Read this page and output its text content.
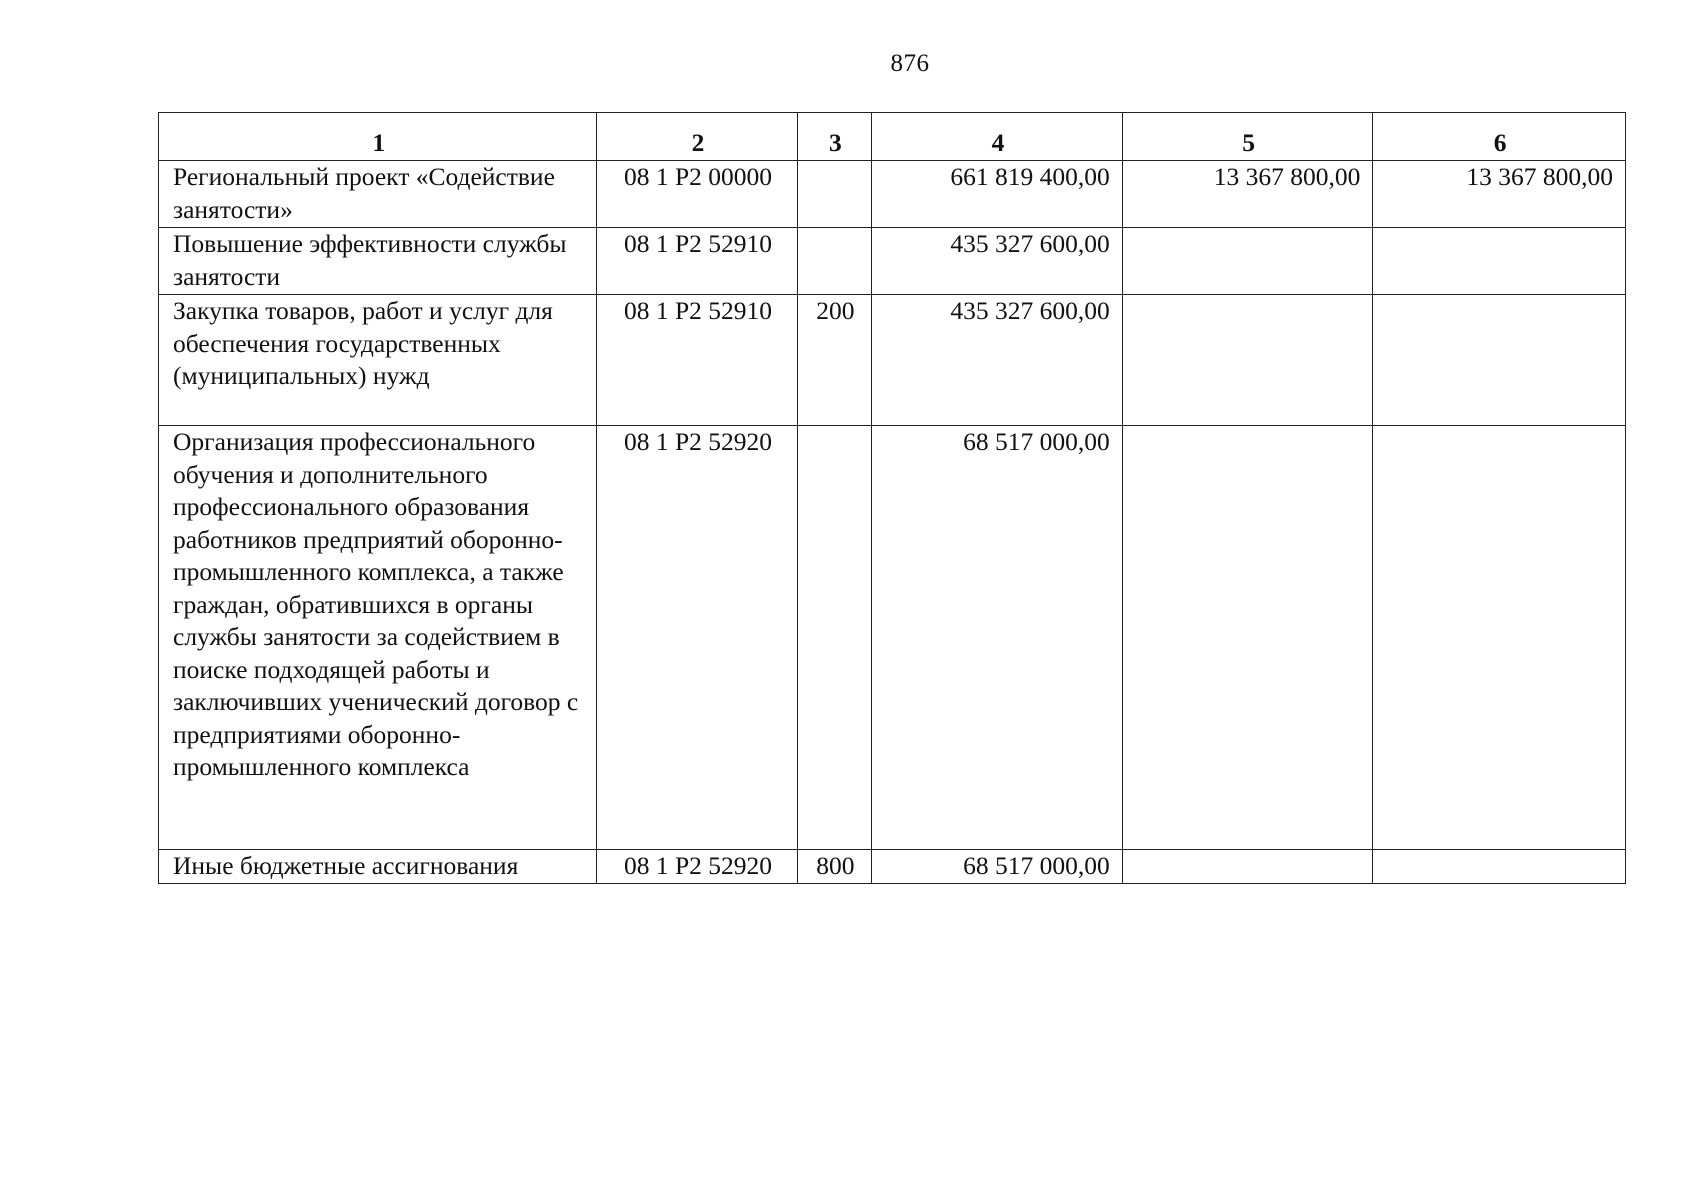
876
1	2	3	4	5	6
Региональный проект «Содействие занятости»	08 1 P2 00000		661 819 400,00	13 367 800,00	13 367 800,00
Повышение эффективности службы занятости	08 1 P2 52910		435 327 600,00		
Закупка товаров, работ и услуг для обеспечения государственных (муниципальных) нужд	08 1 P2 52910	200	435 327 600,00		
Организация профессионального обучения и дополнительного профессионального образования работников предприятий оборонно-промышленного комплекса, а также граждан, обратившихся в органы службы занятости за содействием в поиске подходящей работы и заключивших ученический договор с предприятиями оборонно-промышленного комплекса	08 1 P2 52920		68 517 000,00		
Иные бюджетные ассигнования	08 1 P2 52920	800	68 517 000,00		
